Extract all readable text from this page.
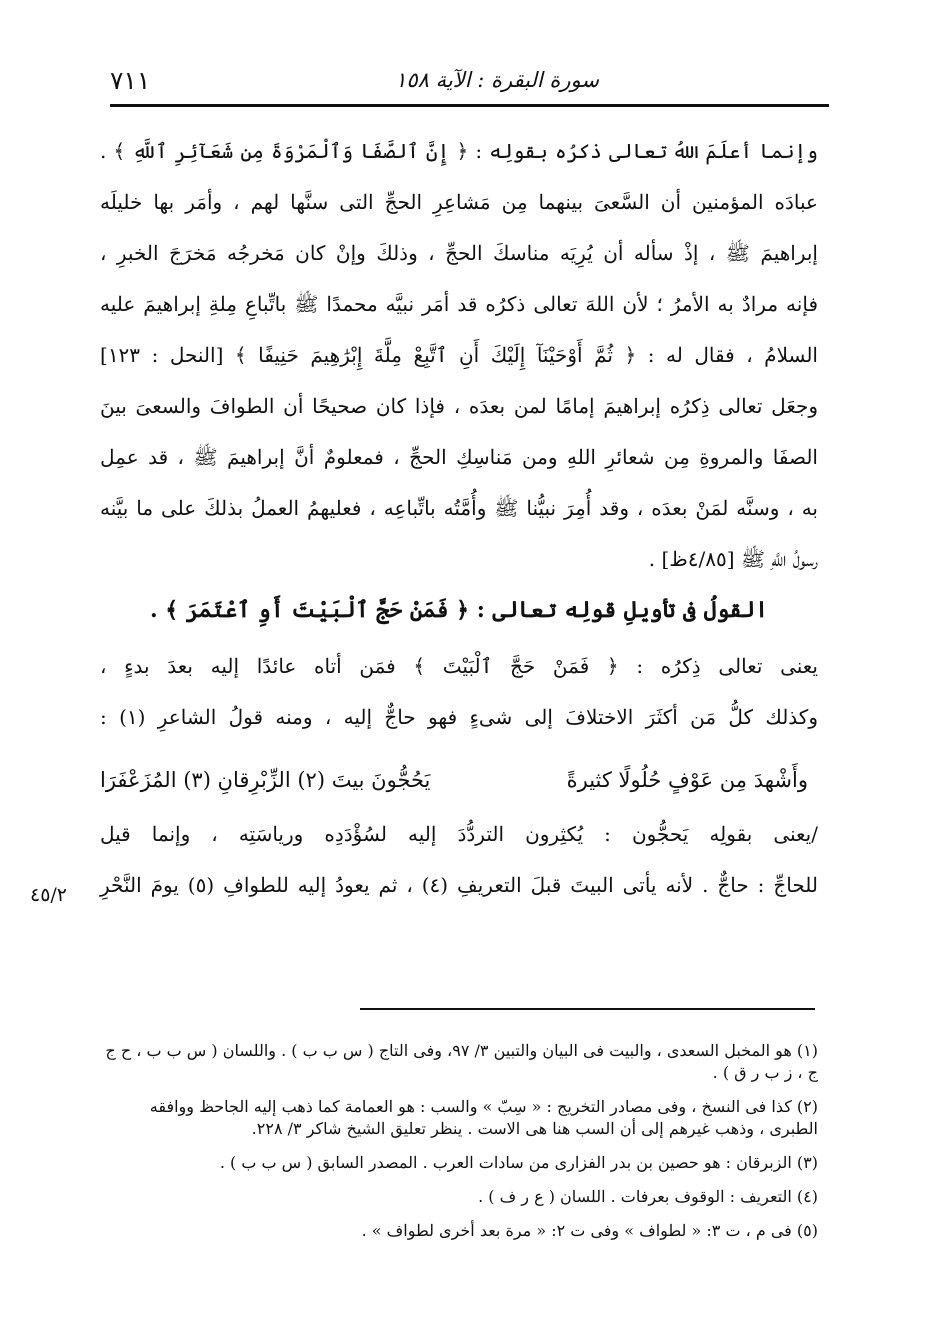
٧١١	سورة البقرة : الآية ١٥٨
وإنما أعلَمَ اللهُ تعالى ذكرُه بقولِه : ﴿ إِنَّ ٱلصَّفَا وَٱلْمَرْوَةَ مِن شَعَآئِرِ ٱللَّهِ ﴾ .
عبادَه المؤمنين أن السَّعىَ بينهما مِن مَشاعِرِ الحجِّ التى سنَّها لهم ، وأمَر بها خليلَه
إبراهيمَ ﷺ ، إذْ سأله أن يُرِيَه مناسكَ الحجِّ ، وذلكَ وإنْ كان مَخرجُه مَخرَجَ الخبرِ ،
فإنه مرادٌ به الأمرُ ؛ لأن اللهَ تعالى ذكرُه قد أمَر نبيَّه محمدًا ﷺ باتِّباعِ مِلةِ إبراهيمَ عليه
السلامُ ، فقال له : ﴿ ثُمَّ أَوْحَيْنَآ إِلَيْكَ أَنِ ٱتَّبِعْ مِلَّةَ إِبْرَٰهِيمَ حَنِيفًا ﴾ [النحل : ١٢٣]
وجعَل تعالى ذِكرُه إبراهيمَ إمامًا لمن بعدَه ، فإذا كان صحيحًا أن الطوافَ والسعىَ بينَ
الصفَا والمروةِ مِن شعائرِ اللهِ ومن مَناسِكِ الحجِّ ، فمعلومٌ أنَّ إبراهيمَ ﷺ ، قد عمِل
به ، وسنَّه لمَنْ بعدَه ، وقد أُمِرَ نبيُّنا ﷺ وأُمَّتُه باتِّباعِه ، فعليهمُ العملُ بذلكَ على ما بيَّنه
رسولُ اللَّهِ ﷺ [٤/٨٥ظ] .
القولُ فى تأويلِ قولِه تعالى : ﴿ فَمَنْ حَجَّ ٱلْبَيْتَ أَوِ ٱعْتَمَرَ ﴾ .
يعنى تعالى ذِكرُه : ﴿ فَمَنْ حَجَّ ٱلْبَيْتَ ﴾ فمَن أتاه عائدًا إليه بعدَ بدءٍ ،
وكذلك كلُّ مَن أكثَرَ الاختلافَ إلى شىءٍ فهو حاجٌّ إليه ، ومنه قولُ الشاعرِ (١) :
وأَشْهدَ مِن عَوْفٍ حُلُولًا كثيرةً
يَحُجُّونَ بيتَ (٢) الزِّبْرِقانِ (٣) المُزَعْفَرَا
/يعنى بقولِه يَحجُّون : يُكثِرون التردُّدَ إليه لسُؤْدَدِه ورياسَتِه ، وإنما قيل
للحاجِّ : حاجٌّ . لأنه يأتى البيتَ قبلَ التعريفِ (٤) ، ثم يعودُ إليه للطوافِ (٥) يومَ النَّحْرِ
٤٥/٢
(١) هو المخبل السعدى ، والبيت فى البيان والتبين ٣/ ٩٧، وفى التاج ( س ب ب ) . واللسان ( س ب ب ، ح ج ج ، ز ب ر ق ) .
(٢) كذا فى النسخ ، وفى مصادر التخريج : « سِبّ » والسب : هو العمامة كما ذهب إليه الجاحظ ووافقه الطبرى ، وذهب غيرهم إلى أن السب هنا هى الاست . ينظر تعليق الشيخ شاكر ٣/ ٢٢٨.
(٣) الزبرقان : هو حصين بن بدر الفزارى من سادات العرب . المصدر السابق ( س ب ب ) .
(٤) التعريف : الوقوف بعرفات . اللسان ( ع ر ف ) .
(٥) فى م ، ت ٣: « لطواف » وفى ت ٢: « مرة بعد أخرى لطواف » .
